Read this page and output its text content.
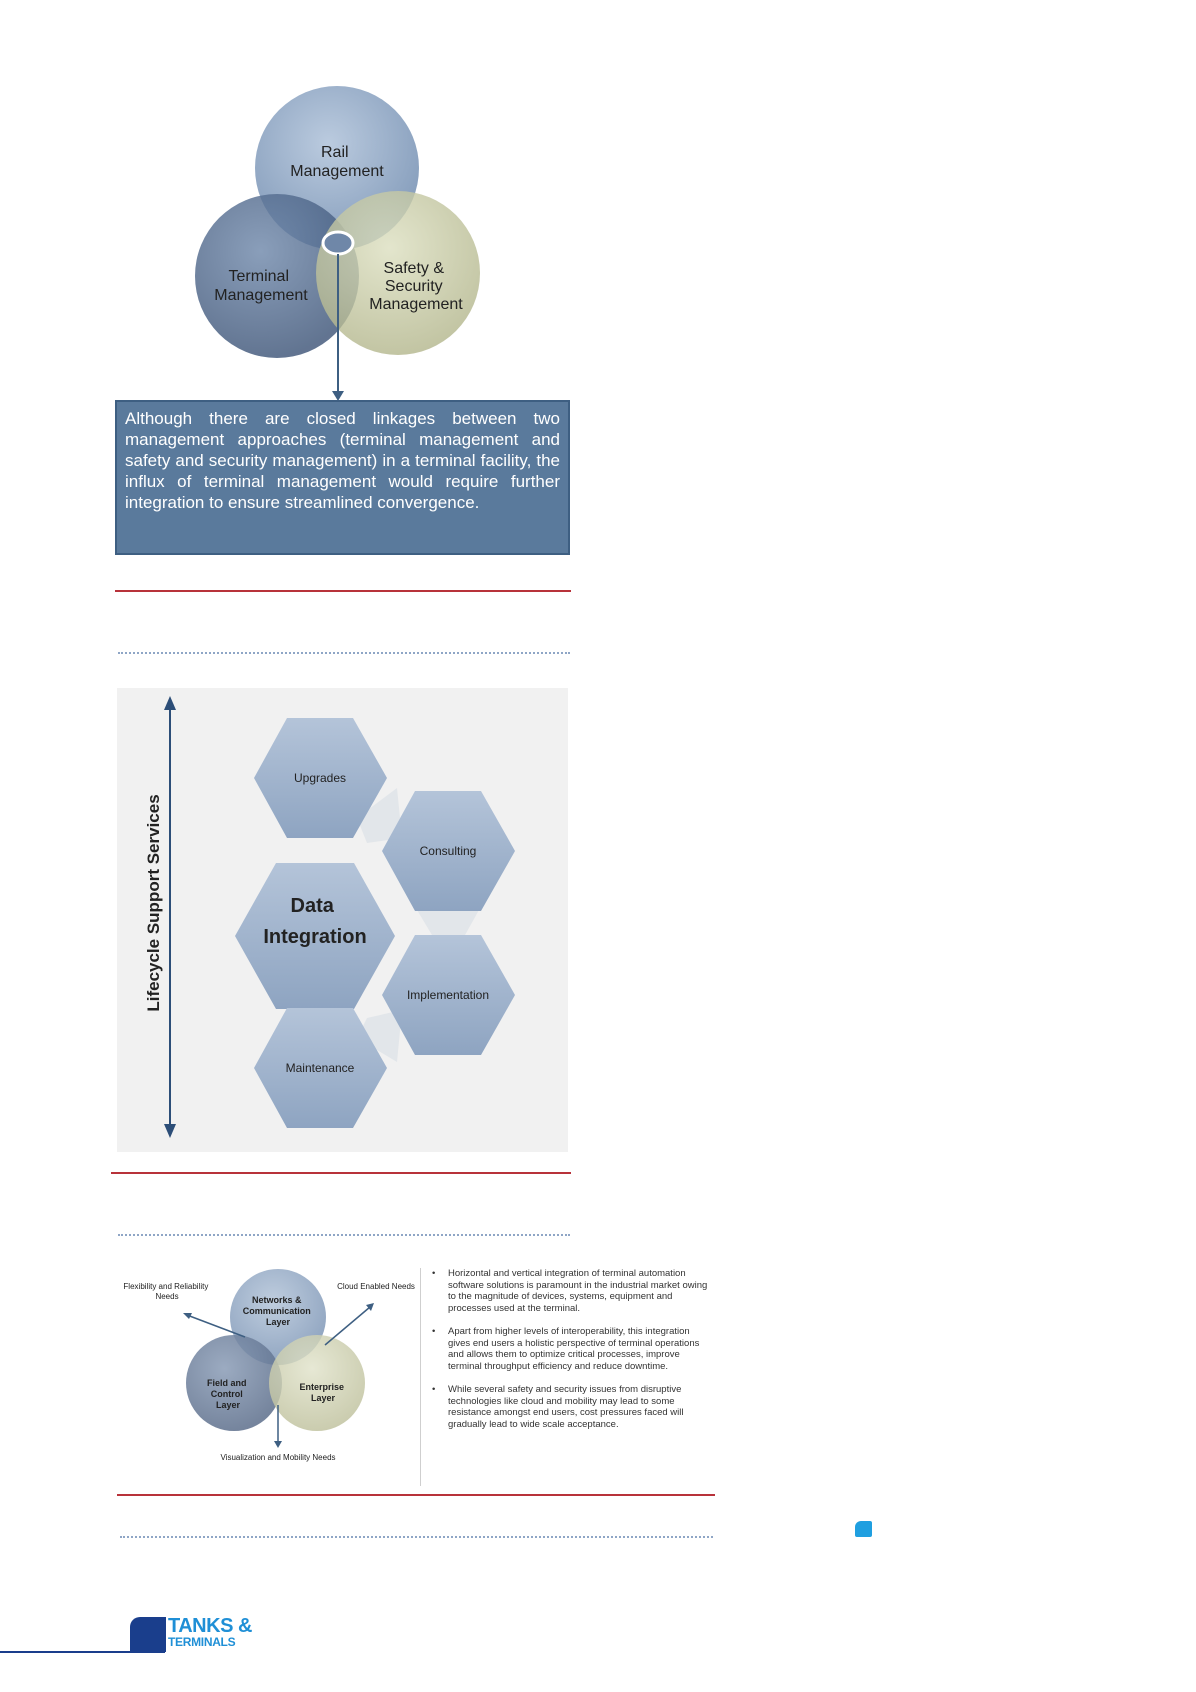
Rail Management
Terminal Management
Safety & Security Management
Although there are closed linkages between two management approaches (terminal management and safety and security management) in a terminal facility, the influx of terminal management would require further integration to ensure streamlined convergence.
Lifecycle Support Services
Upgrades
Consulting
Implementation
Maintenance
Data Integration
Networks & Communication Layer
Field and Control Layer
Enterprise Layer
Flexibility and Reliability Needs
Cloud Enabled Needs
Visualization and Mobility Needs
• Horizontal and vertical integration of terminal automation software solutions is paramount in the industrial market owing to the magnitude of devices, systems, equipment and processes used at the terminal.
• Apart from higher levels of interoperability, this integration gives end users a holistic perspective of terminal operations and allows them to optimize critical processes, improve terminal throughput efficiency and reduce downtime.
• While several safety and security issues from disruptive technologies like cloud and mobility may lead to some resistance amongst end users, cost pressures faced will gradually lead to wide scale acceptance.
TANKS &
TERMINALS
